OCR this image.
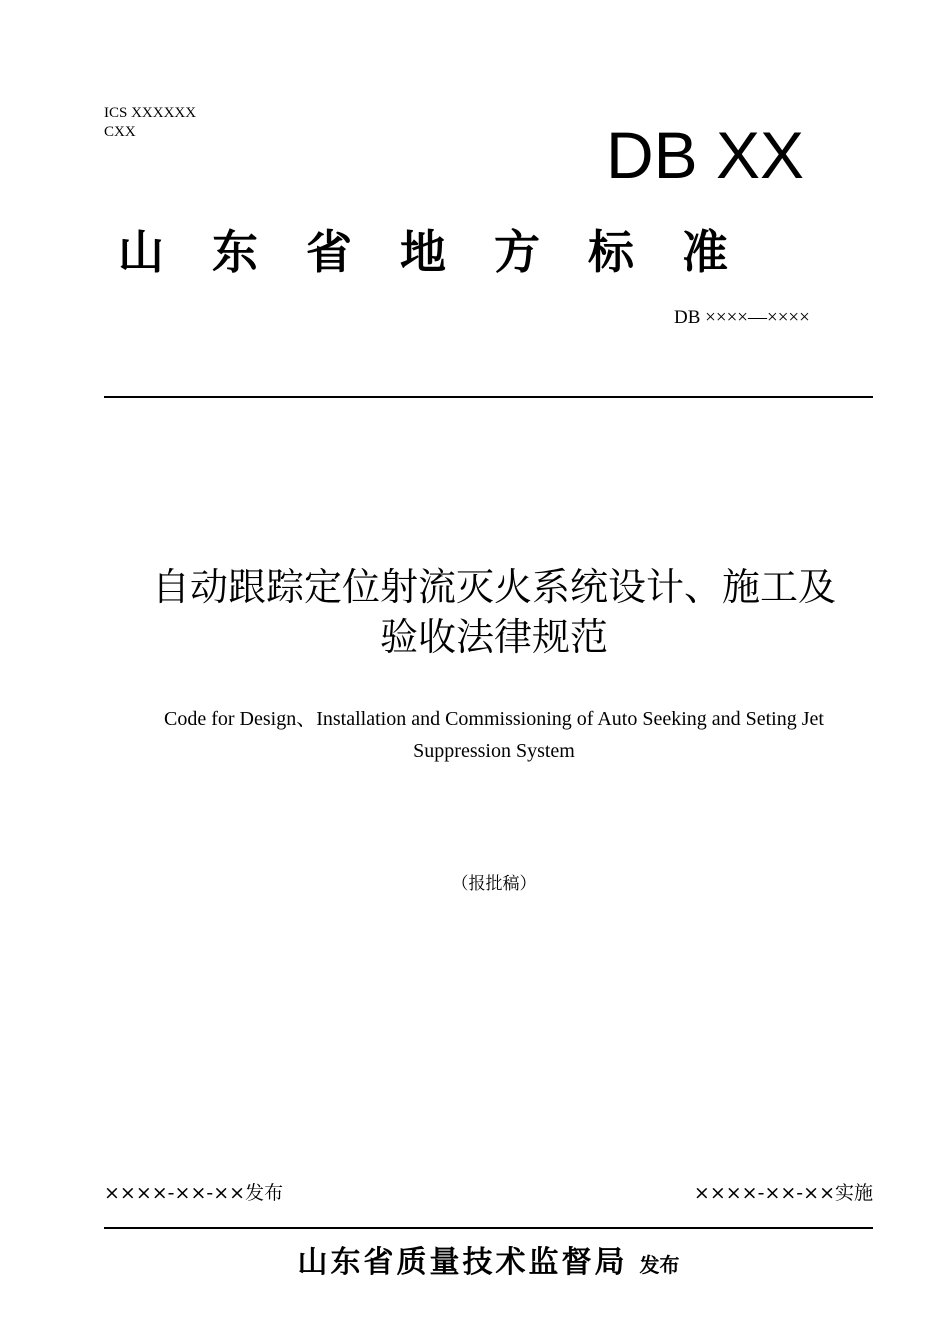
ICS XXXXXX
CXX	DB XX
山东省地方标准
DB ××××—××××
自动跟踪定位射流灭火系统设计、施工及
验收法律规范
Code for Design、Installation and Commissioning of Auto Seeking and Seting Jet
Suppression System
（报批稿）
××××-××-××发布	××××-××-××实施
山东省质量技术监督局 发布
